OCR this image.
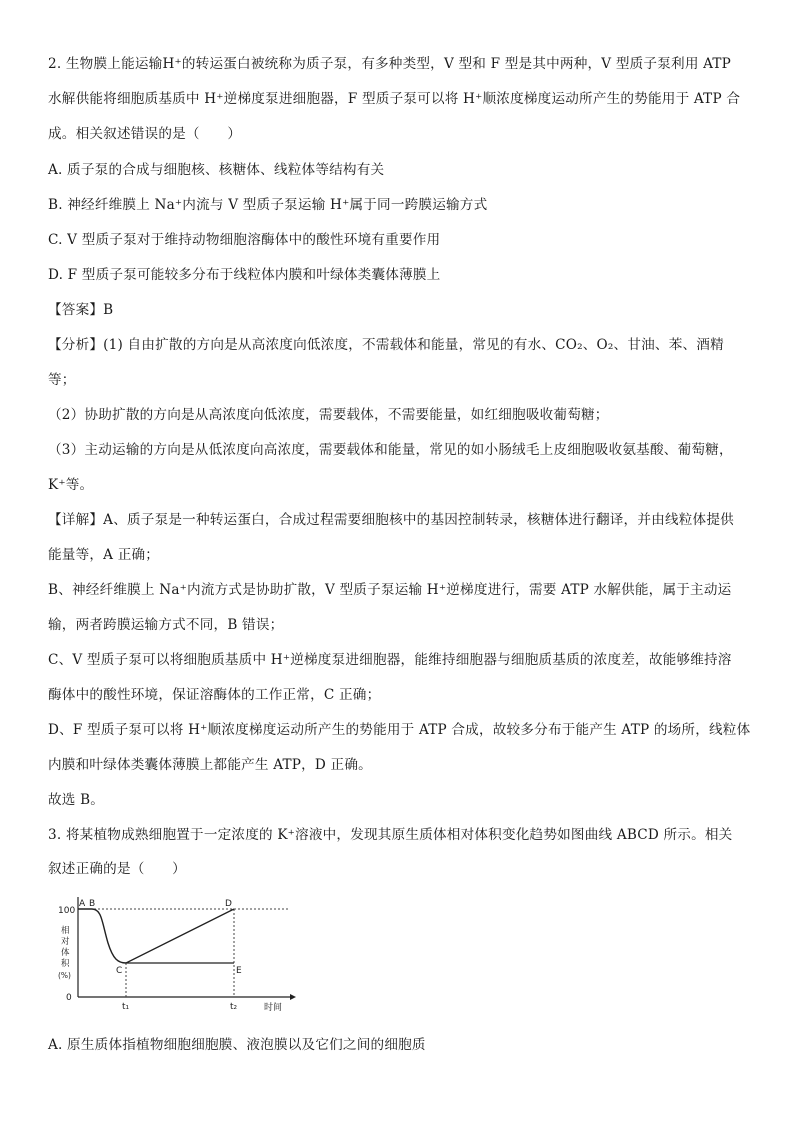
2. 生物膜上能运输H⁺的转运蛋白被统称为质子泵，有多种类型，V 型和 F 型是其中两种，V 型质子泵利用 ATP
水解供能将细胞质基质中 H⁺逆梯度泵进细胞器，F 型质子泵可以将 H⁺顺浓度梯度运动所产生的势能用于 ATP 合
成。相关叙述错误的是（　　）
A. 质子泵的合成与细胞核、核糖体、线粒体等结构有关
B. 神经纤维膜上 Na⁺内流与 V 型质子泵运输 H⁺属于同一跨膜运输方式
C. V 型质子泵对于维持动物细胞溶酶体中的酸性环境有重要作用
D. F 型质子泵可能较多分布于线粒体内膜和叶绿体类囊体薄膜上
【答案】B
【分析】(1) 自由扩散的方向是从高浓度向低浓度，不需载体和能量，常见的有水、CO₂、O₂、甘油、苯、酒精
等；
（2）协助扩散的方向是从高浓度向低浓度，需要载体，不需要能量，如红细胞吸收葡萄糖；
（3）主动运输的方向是从低浓度向高浓度，需要载体和能量，常见的如小肠绒毛上皮细胞吸收氨基酸、葡萄糖，
K⁺等。
【详解】A、质子泵是一种转运蛋白，合成过程需要细胞核中的基因控制转录，核糖体进行翻译，并由线粒体提供
能量等，A 正确；
B、神经纤维膜上 Na⁺内流方式是协助扩散，V 型质子泵运输 H⁺逆梯度进行，需要 ATP 水解供能，属于主动运
输，两者跨膜运输方式不同，B 错误；
C、V 型质子泵可以将细胞质基质中 H⁺逆梯度泵进细胞器，能维持细胞器与细胞质基质的浓度差，故能够维持溶
酶体中的酸性环境，保证溶酶体的工作正常，C 正确；
D、F 型质子泵可以将 H⁺顺浓度梯度运动所产生的势能用于 ATP 合成，故较多分布于能产生 ATP 的场所，线粒体
内膜和叶绿体类囊体薄膜上都能产生 ATP，D 正确。
故选 B。
3. 将某植物成熟细胞置于一定浓度的 K⁺溶液中，发现其原生质体相对体积变化趋势如图曲线 ABCD 所示。相关
叙述正确的是（　　）
A B
C
D
E
100
0
相
对
体
积
(%)
t₁	t₂	时间
A. 原生质体指植物细胞细胞膜、液泡膜以及它们之间的细胞质
